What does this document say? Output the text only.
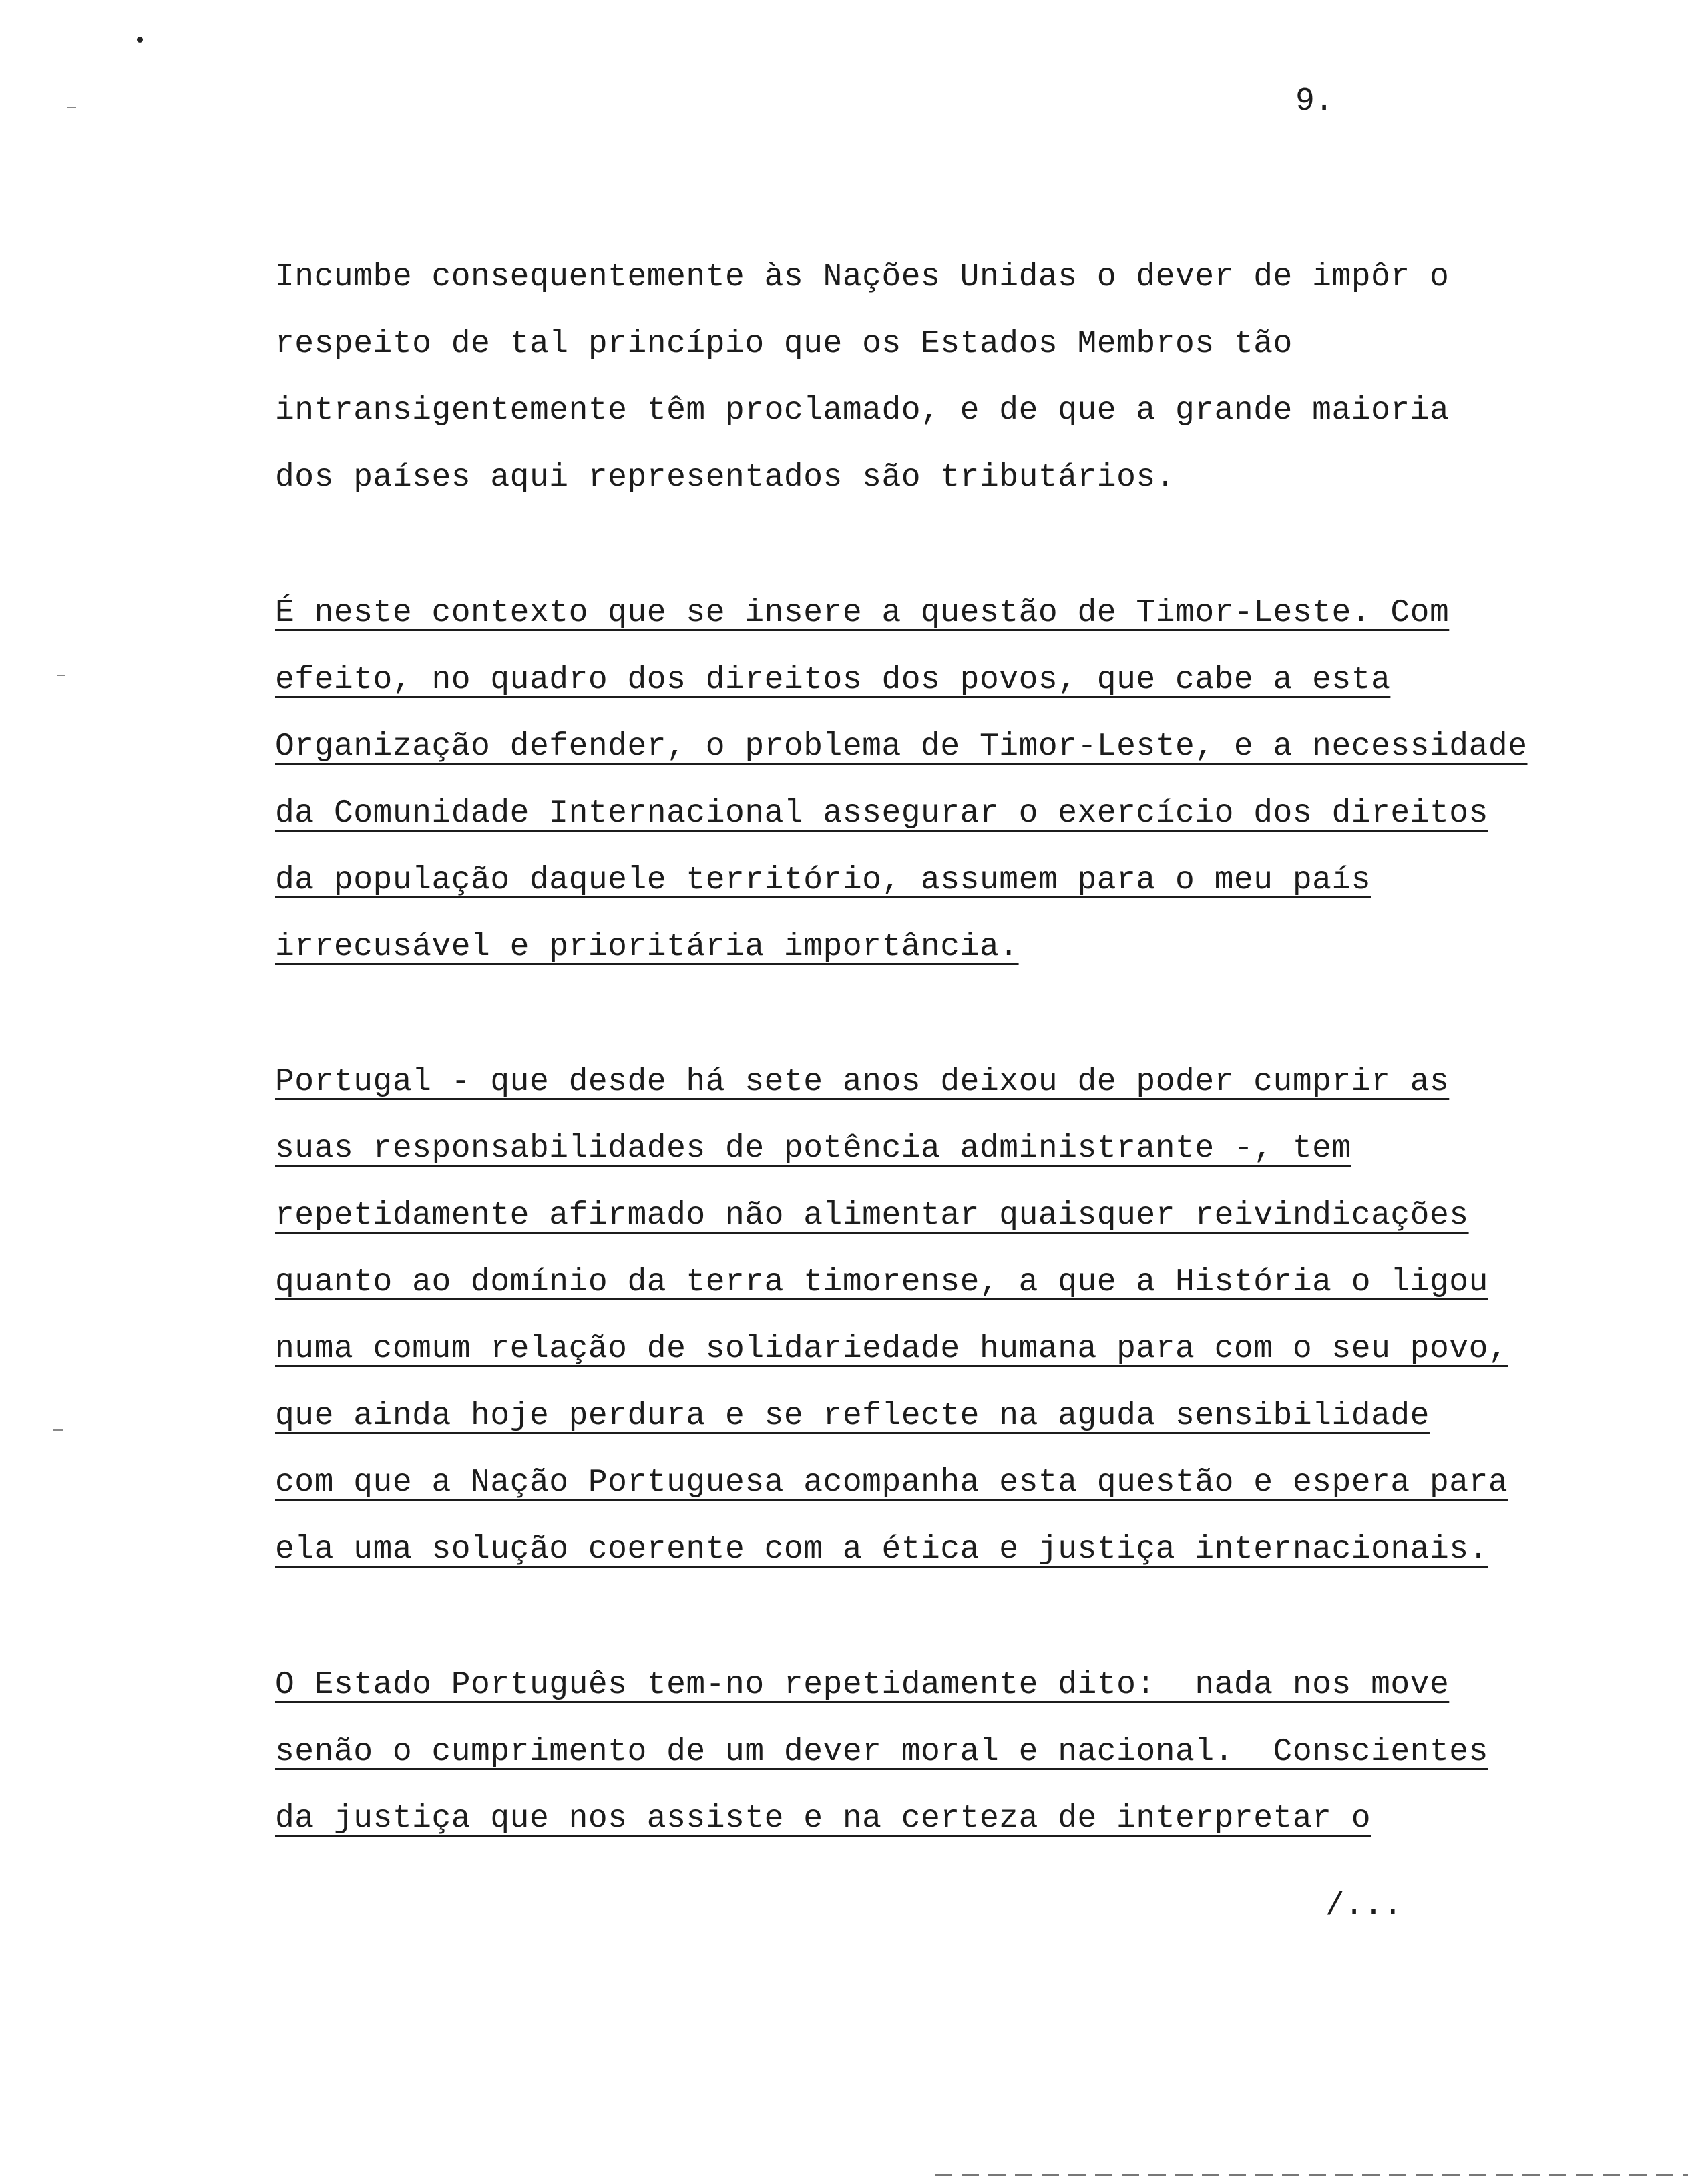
9.
Incumbe consequentemente às Nações Unidas o dever de impôr o
respeito de tal princípio que os Estados Membros tão
intransigentemente têm proclamado, e de que a grande maioria
dos países aqui representados são tributários.
É neste contexto que se insere a questão de Timor-Leste. Com
efeito, no quadro dos direitos dos povos, que cabe a esta
Organização defender, o problema de Timor-Leste, e a necessidade
da Comunidade Internacional assegurar o exercício dos direitos
da população daquele território, assumem para o meu país
irrecusável e prioritária importância.
Portugal - que desde há sete anos deixou de poder cumprir as
suas responsabilidades de potência administrante -, tem
repetidamente afirmado não alimentar quaisquer reivindicações
quanto ao domínio da terra timorense, a que a História o ligou
numa comum relação de solidariedade humana para com o seu povo,
que ainda hoje perdura e se reflecte na aguda sensibilidade
com que a Nação Portuguesa acompanha esta questão e espera para
ela uma solução coerente com a ética e justiça internacionais.
O Estado Português tem-no repetidamente dito:  nada nos move
senão o cumprimento de um dever moral e nacional.  Conscientes
da justiça que nos assiste e na certeza de interpretar o
/...
